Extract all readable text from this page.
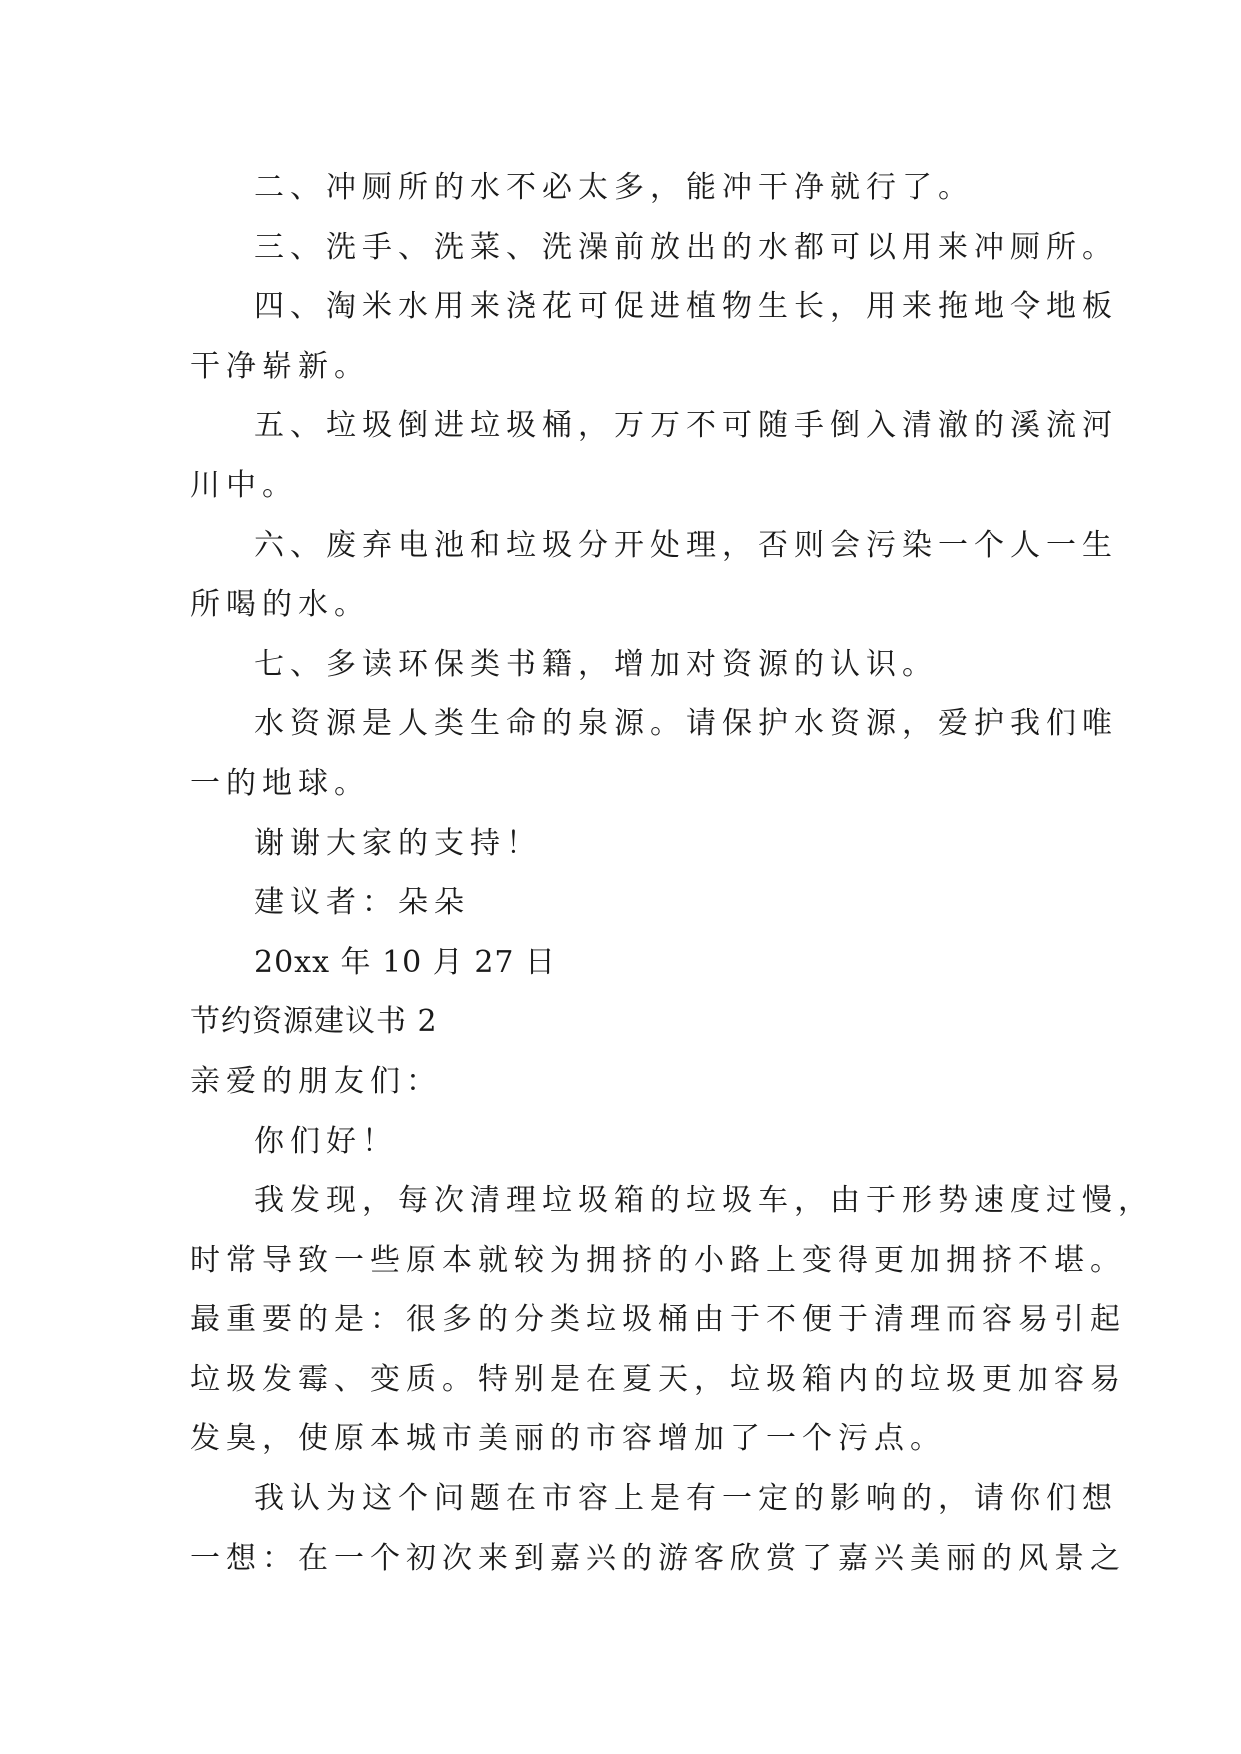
二、冲厕所的水不必太多，能冲干净就行了。
三、洗手、洗菜、洗澡前放出的水都可以用来冲厕所。
四、淘米水用来浇花可促进植物生长，用来拖地令地板
干净崭新。
五、垃圾倒进垃圾桶，万万不可随手倒入清澈的溪流河
川中。
六、废弃电池和垃圾分开处理，否则会污染一个人一生
所喝的水。
七、多读环保类书籍，增加对资源的认识。
水资源是人类生命的泉源。请保护水资源，爱护我们唯
一的地球。
谢谢大家的支持！
建议者：朵朵
20xx 年 10 月 27 日
节约资源建议书 2
亲爱的朋友们：
你们好！
我发现，每次清理垃圾箱的垃圾车，由于形势速度过慢，
时常导致一些原本就较为拥挤的小路上变得更加拥挤不堪。
最重要的是：很多的分类垃圾桶由于不便于清理而容易引起
垃圾发霉、变质。特别是在夏天，垃圾箱内的垃圾更加容易
发臭，使原本城市美丽的市容增加了一个污点。
我认为这个问题在市容上是有一定的影响的，请你们想
一想：在一个初次来到嘉兴的游客欣赏了嘉兴美丽的风景之
